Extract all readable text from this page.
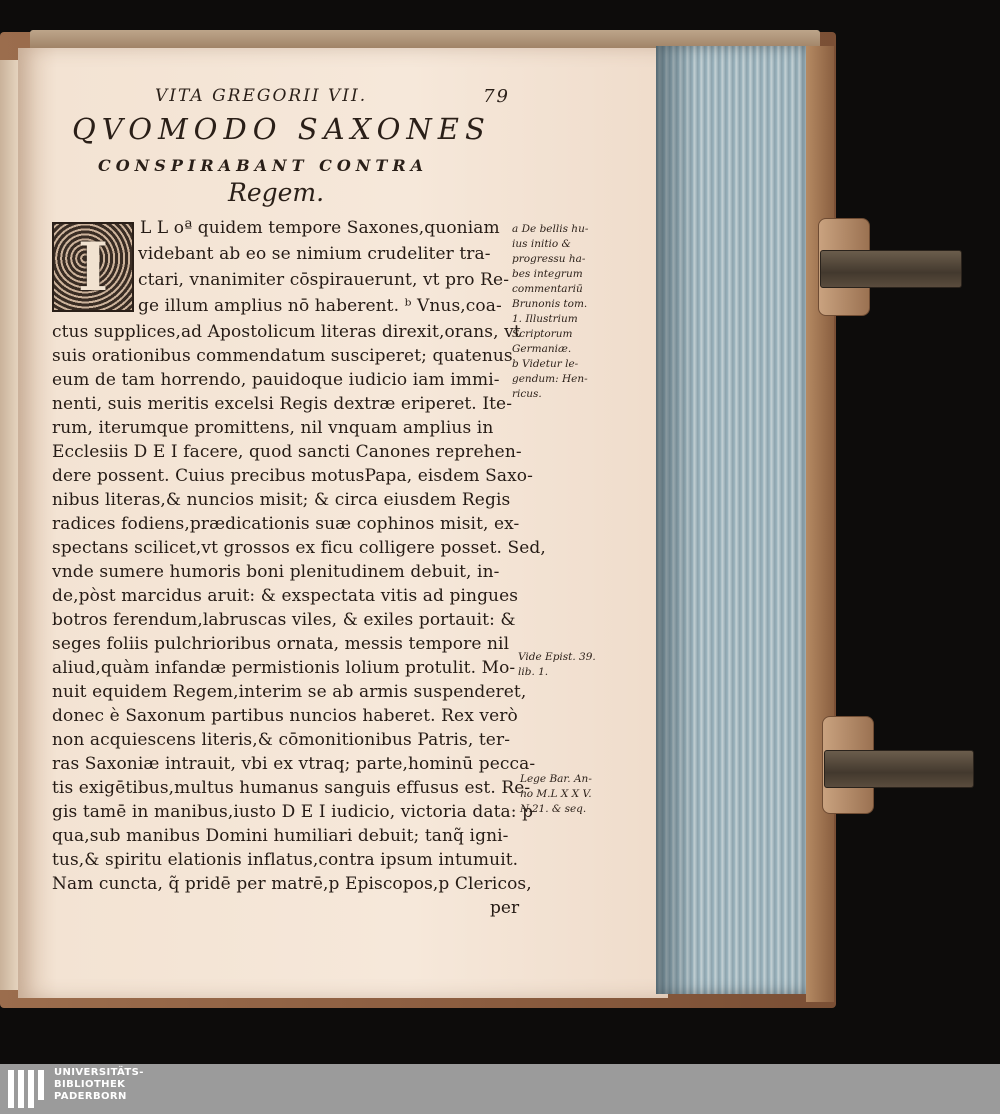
VITA GREGORII VII.	79
QVOMODO SAXONES
CONSPIRABANT CONTRA
Regem.
I L L oª quidem tempore Saxones,quoniam
videbant ab eo se nimium crudeliter tra-
ctari, vnanimiter cōspirauerunt, vt pro Re-
ge illum amplius nō haberent. ᵇ Vnus,coa-
ctus supplices,ad Apostolicum literas direxit,orans, vt
suis orationibus commendatum susciperet; quatenus
eum de tam horrendo, pauidoque iudicio iam immi-
nenti, suis meritis excelsi Regis dextræ eriperet. Ite-
rum, iterumque promittens, nil vnquam amplius in
Ecclesiis D E I facere, quod sancti Canones reprehen-
dere possent. Cuius precibus motusPapa, eisdem Saxo-
nibus literas,& nuncios misit; & circa eiusdem Regis
radices fodiens,prædicationis suæ cophinos misit, ex-
spectans scilicet,vt grossos ex ficu colligere posset. Sed,
vnde sumere humoris boni plenitudinem debuit, in-
de,pòst marcidus aruit: & exspectata vitis ad pingues
botros ferendum,labruscas viles, & exiles portauit: &
seges foliis pulchrioribus ornata, messis tempore nil
aliud,quàm infandæ permistionis lolium protulit. Mo-
nuit equidem Regem,interim se ab armis suspenderet,
donec è Saxonum partibus nuncios haberet. Rex verò
non acquiescens literis,& cōmonitionibus Patris, ter-
ras Saxoniæ intrauit, vbi ex vtraq; parte,hominū pecca-
tis exigētibus,multus humanus sanguis effusus est. Re-
gis tamē in manibus,iusto D E I iudicio, victoria data: p
qua,sub manibus Domini humiliari debuit; tanq̃ igni-
tus,& spiritu elationis inflatus,contra ipsum intumuit.
Nam cuncta, q̃ pridē per matrē,p Episcopos,p Clericos,
per
a De bellis hu-
ius initio &
progressu ha-
bes integrum
commentariū
Brunonis tom.
1. Illustrium
Scriptorum
Germaniæ.
b Videtur le-
gendum: Hen-
ricus.
Vide Epist. 39.
lib. 1.
Lege Bar. An-
no M.L X X V.
N.21. & seq.
UNIVERSITÄTS-
BIBLIOTHEK
PADERBORN
